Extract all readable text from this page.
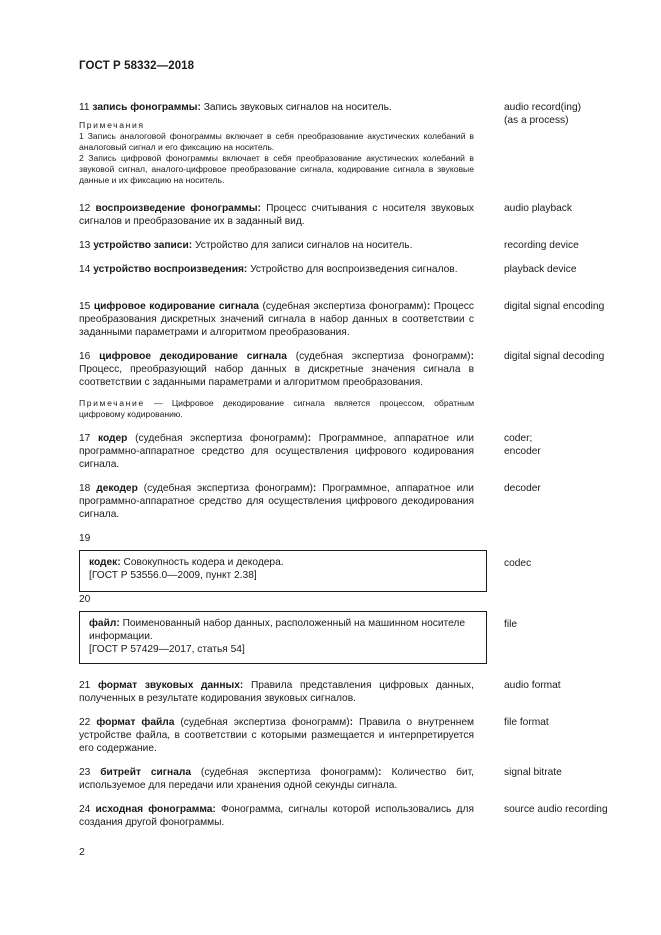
ГОСТ Р 58332—2018

11 запись фонограммы: Запись звуковых сигналов на носитель.

Примечания

1 Запись аналоговой фонограммы включает в себя преобразование акустических колебаний в аналоговый сигнал и его фиксацию на носитель.

2 Запись цифровой фонограммы включает в себя преобразование акустических колебаний в звуковой сигнал, аналого-цифровое преобразование сигнала, кодирование сигнала в звуковые данные и их фиксацию на носитель.

audio record(ing)
(as a process)

12 воспроизведение фонограммы: Процесс считывания с носителя звуковых сигналов и преобразование их в заданный вид.

audio playback

13 устройство записи: Устройство для записи сигналов на носитель.	recording device

14 устройство воспроизведения: Устройство для воспроизведения сигналов.	playback device

15 цифровое кодирование сигнала (судебная экспертиза фонограмм): Процесс преобразования дискретных значений сигнала в набор данных в соответствии с заданными параметрами и алгоритмом преобразования.

digital signal encoding

16 цифровое декодирование сигнала (судебная экспертиза фонограмм): Процесс, преобразующий набор данных в дискретные значения сигнала в соответствии с заданными параметрами и алгоритмом преобразования.

Примечание — Цифровое декодирование сигнала является процессом, обратным цифровому кодированию.
digital signal decoding

17 кодер (судебная экспертиза фонограмм): Программное, аппаратное или программно-аппаратное средство для осуществления цифрового кодирования сигнала.

coder;
encoder

18 декодер (судебная экспертиза фонограмм): Программное, аппаратное или программно-аппаратное средство для осуществления цифрового декодирования сигнала.

decoder
19

кодек: Совокупность кодера и декодера.

[ГОСТ Р 53556.0—2009, пункт 2.38]

codec
20

файл: Поименованный набор данных, расположенный на машинном носителе информации.

[ГОСТ Р 57429—2017, статья 54]

file

21 формат звуковых данных: Правила представления цифровых данных, полученных в результате кодирования звуковых сигналов.

audio format

22 формат файла (судебная экспертиза фонограмм): Правила о внутреннем устройстве файла, в соответствии с которыми размещается и интерпретируется его содержание.

file format

23 битрейт сигнала (судебная экспертиза фонограмм): Количество бит, используемое для передачи или хранения одной секунды сигнала.

signal bitrate

24 исходная фонограмма: Фонограмма, сигналы которой использовались для создания другой фонограммы.

source audio recording
2
